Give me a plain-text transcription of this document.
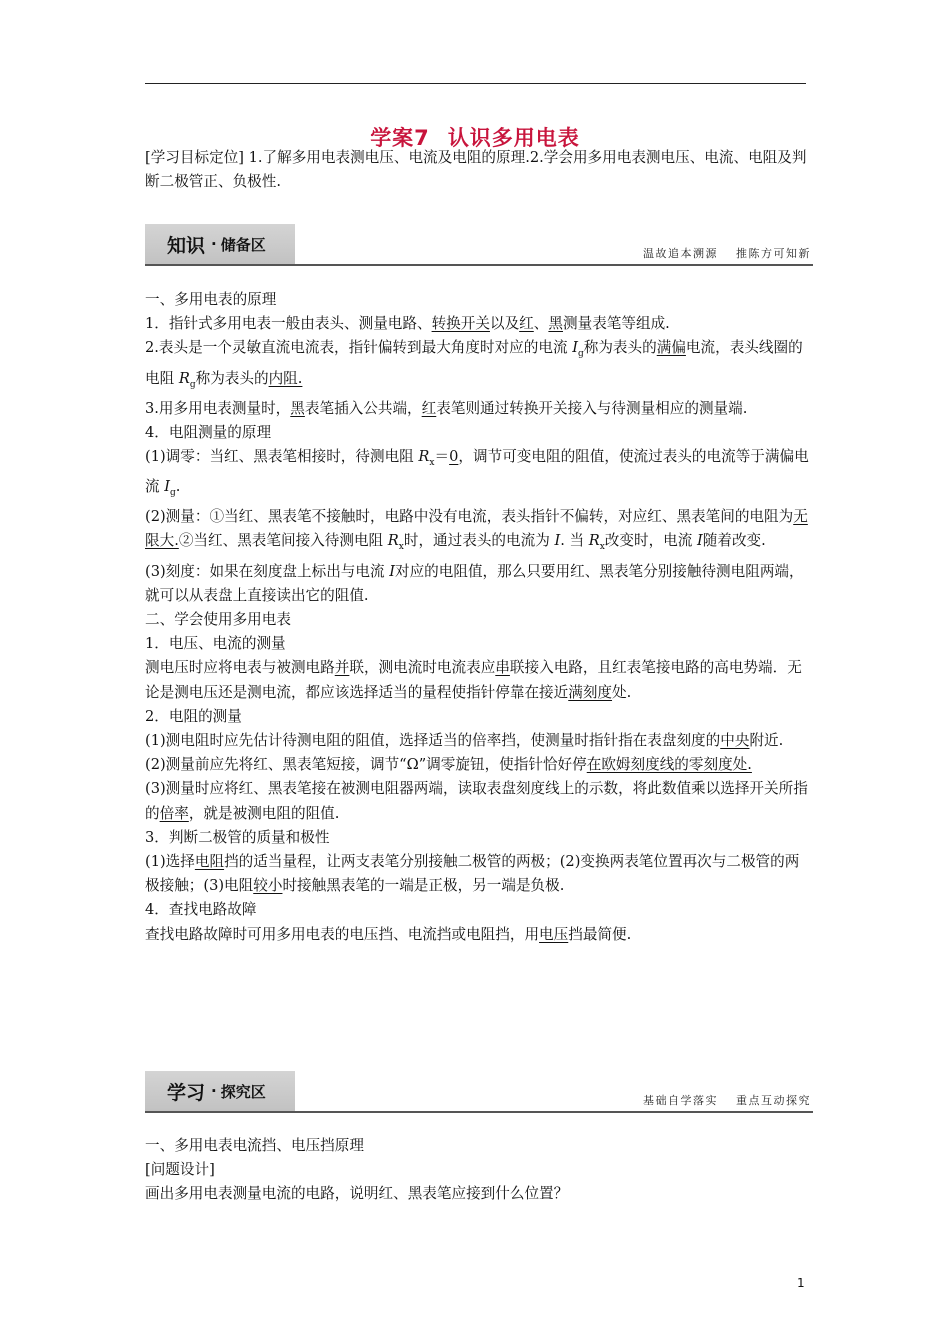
学案7 认识多用电表

[学习目标定位] 1.了解多用电表测电压、电流及电阻的原理.2.学会用多用电表测电压、电流、电阻及判断二极管正、负极性.

知识 · 储备区	温故追本溯源 推陈方可知新

一、多用电表的原理

1．指针式多用电表一般由表头、测量电路、转换开关以及红、黑测量表笔等组成.

2.表头是一个灵敏直流电流表，指针偏转到最大角度时对应的电流 $I_g$称为表头的满偏电流，表头线圈的电阻 $R_g$称为表头的内阻.

3.用多用电表测量时，黑表笔插入公共端，红表笔则通过转换开关接入与待测量相应的测量端.

4．电阻测量的原理

(1)调零：当红、黑表笔相接时，待测电阻 $R_x=0$，调节可变电阻的阻值，使流过表头的电流等于满偏电流 $I_g$.

(2)测量：①当红、黑表笔不接触时，电路中没有电流，表头指针不偏转，对应红、黑表笔间的电阻为无限大.②当红、黑表笔间接入待测电阻 $R_x$时，通过表头的电流为 I. 当 $R_x$改变时，电流 I随着改变.

(3)刻度：如果在刻度盘上标出与电流 I对应的电阻值，那么只要用红、黑表笔分别接触待测电阻两端，就可以从表盘上直接读出它的阻值.

二、学会使用多用电表

1．电压、电流的测量

测电压时应将电表与被测电路并联，测电流时电流表应串联接入电路，且红表笔接电路的高电势端．无论是测电压还是测电流，都应该选择适当的量程使指针停靠在接近满刻度处.

2．电阻的测量

(1)测电阻时应先估计待测电阻的阻值，选择适当的倍率挡，使测量时指针指在表盘刻度的中央附近.

(2)测量前应先将红、黑表笔短接，调节“Ω”调零旋钮，使指针恰好停在欧姆刻度线的零刻度处.

(3)测量时应将红、黑表笔接在被测电阻器两端，读取表盘刻度线上的示数，将此数值乘以选择开关所指的倍率，就是被测电阻的阻值.

3．判断二极管的质量和极性

(1)选择电阻挡的适当量程，让两支表笔分别接触二极管的两极；(2)变换两表笔位置再次与二极管的两极接触；(3)电阻较小时接触黑表笔的一端是正极，另一端是负极.

4．查找电路故障

查找电路故障时可用多用电表的电压挡、电流挡或电阻挡，用电压挡最简便.

学习 · 探究区	基础自学落实 重点互动探究

一、多用电表电流挡、电压挡原理

[问题设计]

画出多用电表测量电流的电路，说明红、黑表笔应接到什么位置？

1
